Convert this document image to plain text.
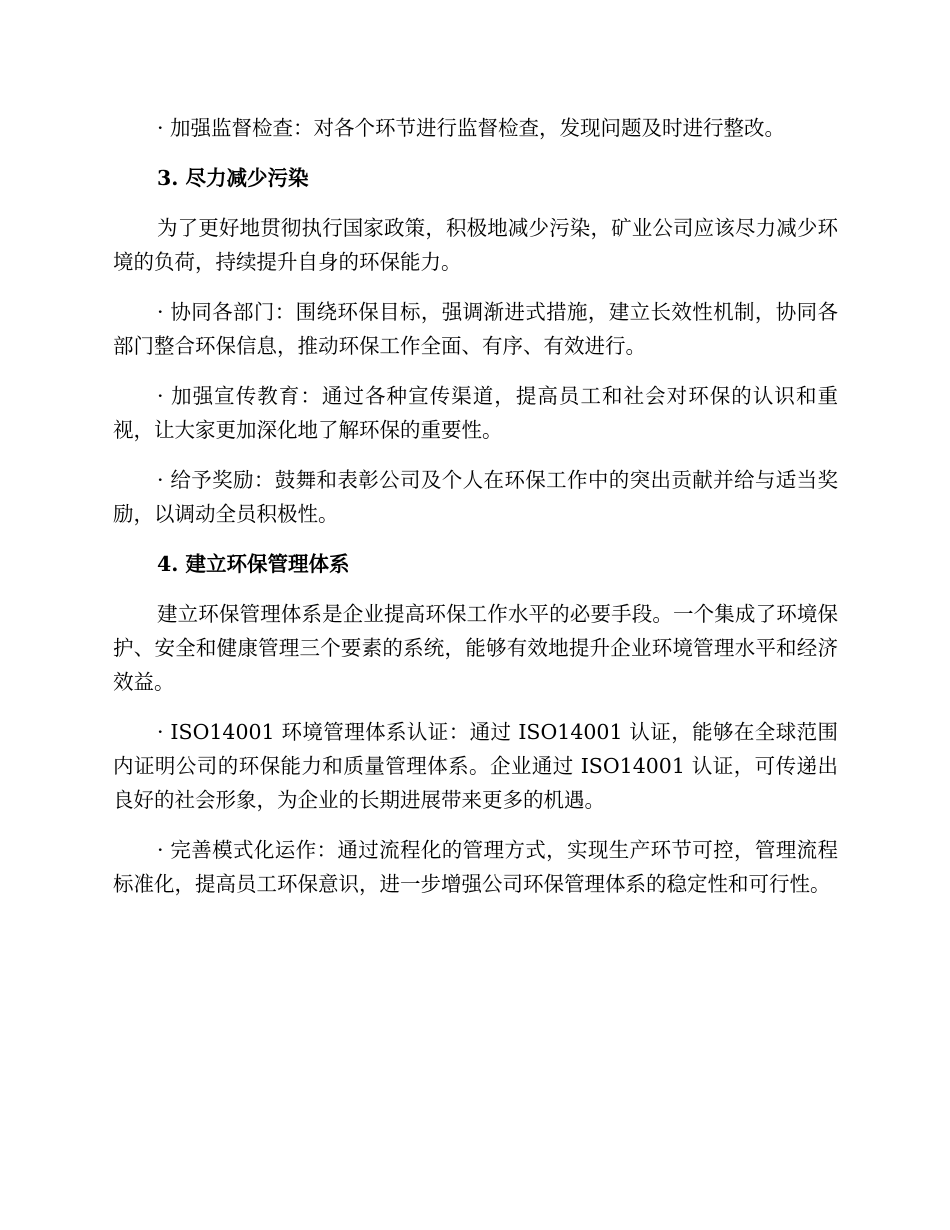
· 加强监督检查：对各个环节进行监督检查，发现问题及时进行整改。

3. 尽力减少污染

为了更好地贯彻执行国家政策，积极地减少污染，矿业公司应该尽力减少环境的负荷，持续提升自身的环保能力。

· 协同各部门：围绕环保目标，强调渐进式措施，建立长效性机制，协同各部门整合环保信息，推动环保工作全面、有序、有效进行。

· 加强宣传教育：通过各种宣传渠道，提高员工和社会对环保的认识和重视，让大家更加深化地了解环保的重要性。

· 给予奖励：鼓舞和表彰公司及个人在环保工作中的突出贡献并给与适当奖励，以调动全员积极性。

4. 建立环保管理体系

建立环保管理体系是企业提高环保工作水平的必要手段。一个集成了环境保护、安全和健康管理三个要素的系统，能够有效地提升企业环境管理水平和经济效益。

· ISO14001 环境管理体系认证：通过 ISO14001 认证，能够在全球范围内证明公司的环保能力和质量管理体系。企业通过 ISO14001 认证，可传递出良好的社会形象，为企业的长期进展带来更多的机遇。

· 完善模式化运作：通过流程化的管理方式，实现生产环节可控，管理流程标准化，提高员工环保意识，进一步增强公司环保管理体系的稳定性和可行性。
